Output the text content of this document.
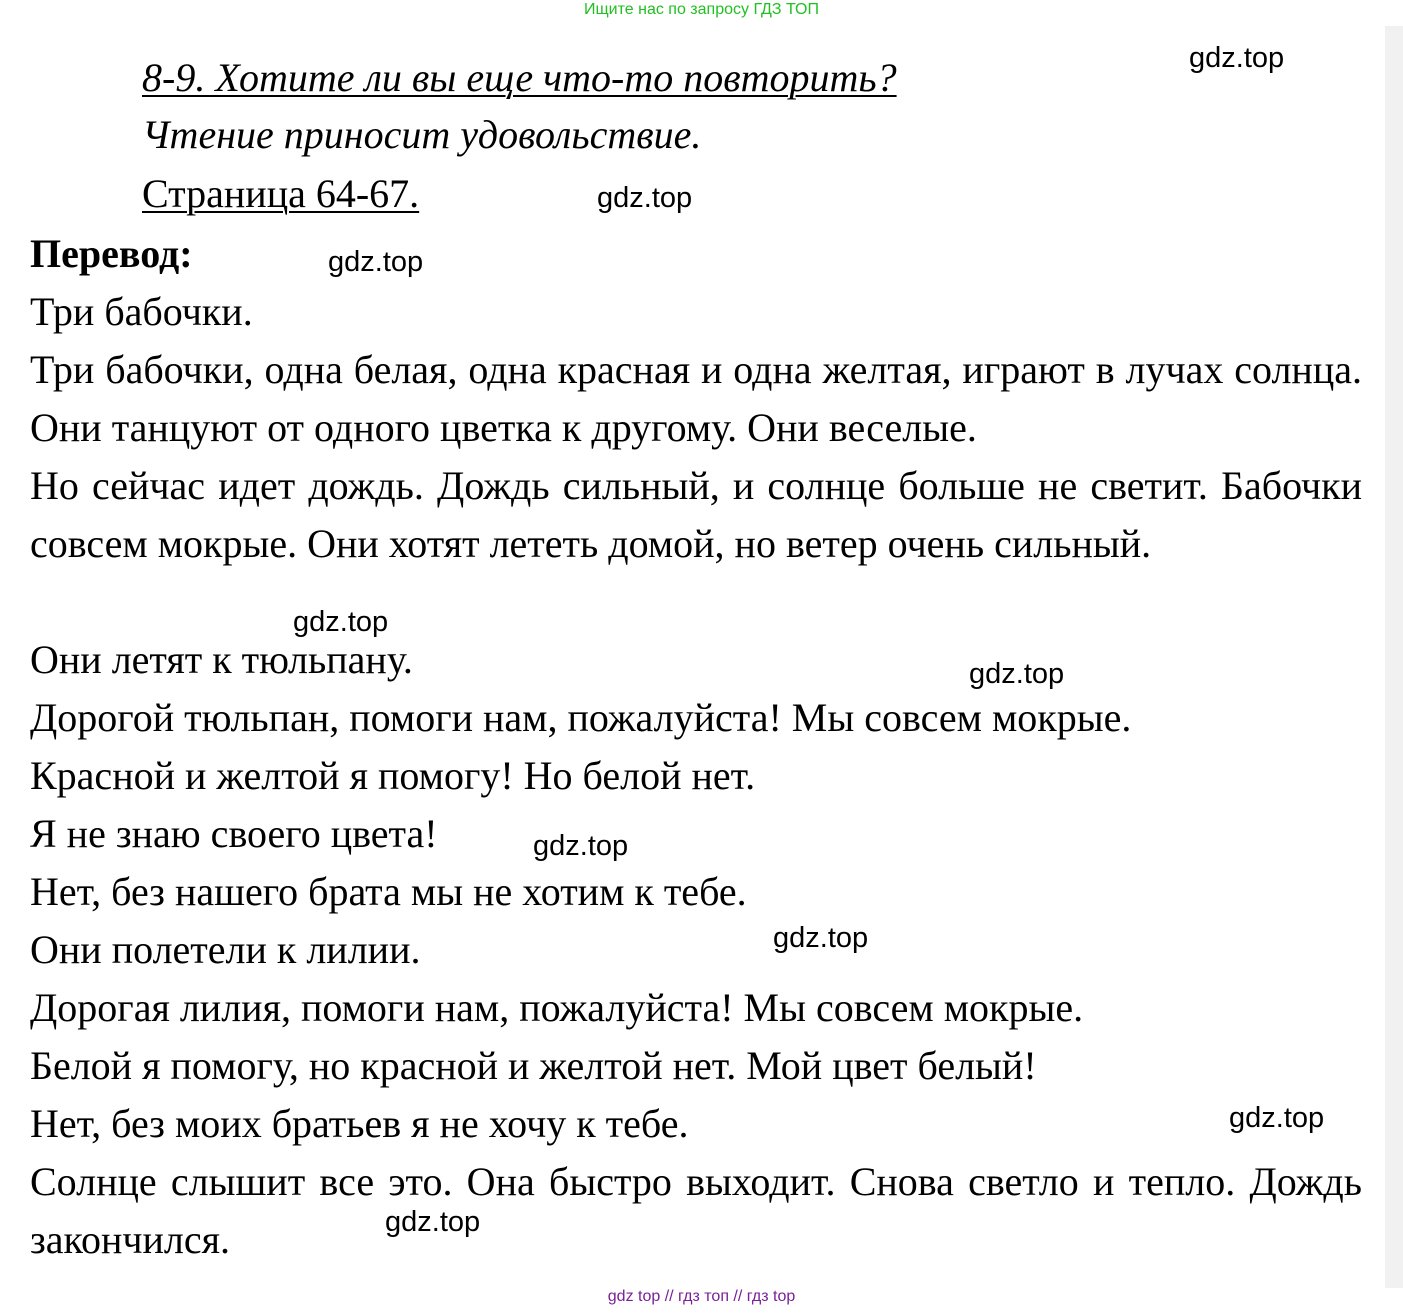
Ищите нас по запросу ГДЗ ТОП
8-9. Хотите ли вы еще что-то повторить?
Чтение приносит удовольствие.
Страница 64-67.
Перевод:
Три бабочки.
Три бабочки, одна белая, одна красная и одна желтая, играют в лучах солнца. Они танцуют от одного цветка к другому. Они веселые.
Но сейчас идет дождь. Дождь сильный, и солнце больше не светит. Бабочки совсем мокрые. Они хотят лететь домой, но ветер очень сильный.
Они летят к тюльпану.
Дорогой тюльпан, помоги нам, пожалуйста! Мы совсем мокрые.
Красной и желтой я помогу! Но белой нет.
Я не знаю своего цвета!
Нет, без нашего брата мы не хотим к тебе.
Они полетели к лилии.
Дорогая лилия, помоги нам, пожалуйста! Мы совсем мокрые.
Белой я помогу, но красной и желтой нет. Мой цвет белый!
Нет, без моих братьев я не хочу к тебе.
Солнце слышит все это. Она быстро выходит. Снова светло и тепло. Дождь закончился.
gdz.top
gdz.top
gdz.top
gdz.top
gdz.top
gdz.top
gdz.top
gdz.top
gdz.top
gdz top // гдз топ // гдз top
